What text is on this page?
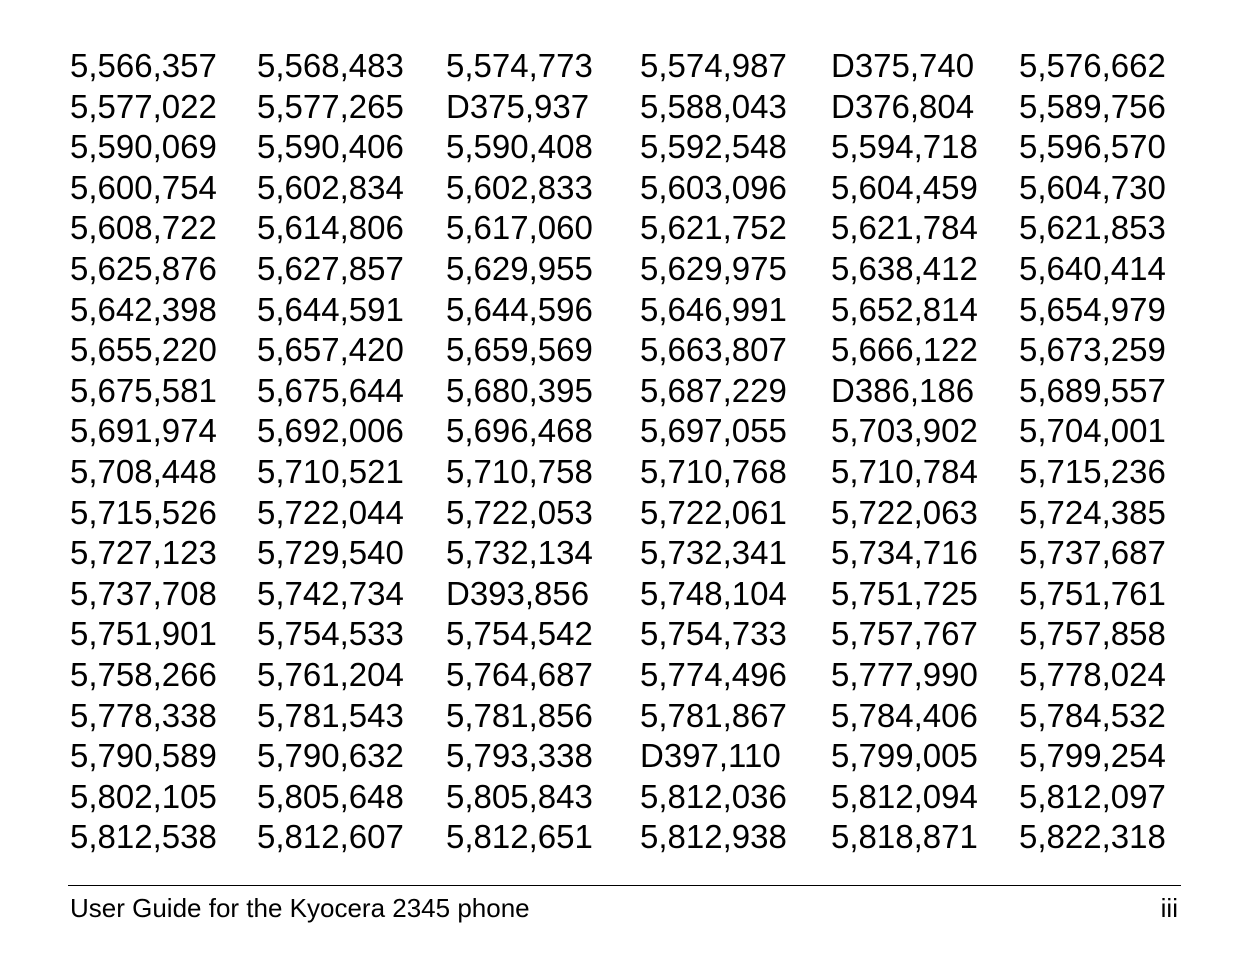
5,566,357	5,568,483	5,574,773	5,574,987	D375,740	5,576,662
5,577,022	5,577,265	D375,937	5,588,043	D376,804	5,589,756
5,590,069	5,590,406	5,590,408	5,592,548	5,594,718	5,596,570
5,600,754	5,602,834	5,602,833	5,603,096	5,604,459	5,604,730
5,608,722	5,614,806	5,617,060	5,621,752	5,621,784	5,621,853
5,625,876	5,627,857	5,629,955	5,629,975	5,638,412	5,640,414
5,642,398	5,644,591	5,644,596	5,646,991	5,652,814	5,654,979
5,655,220	5,657,420	5,659,569	5,663,807	5,666,122	5,673,259
5,675,581	5,675,644	5,680,395	5,687,229	D386,186	5,689,557
5,691,974	5,692,006	5,696,468	5,697,055	5,703,902	5,704,001
5,708,448	5,710,521	5,710,758	5,710,768	5,710,784	5,715,236
5,715,526	5,722,044	5,722,053	5,722,061	5,722,063	5,724,385
5,727,123	5,729,540	5,732,134	5,732,341	5,734,716	5,737,687
5,737,708	5,742,734	D393,856	5,748,104	5,751,725	5,751,761
5,751,901	5,754,533	5,754,542	5,754,733	5,757,767	5,757,858
5,758,266	5,761,204	5,764,687	5,774,496	5,777,990	5,778,024
5,778,338	5,781,543	5,781,856	5,781,867	5,784,406	5,784,532
5,790,589	5,790,632	5,793,338	D397,110	5,799,005	5,799,254
5,802,105	5,805,648	5,805,843	5,812,036	5,812,094	5,812,097
5,812,538	5,812,607	5,812,651	5,812,938	5,818,871	5,822,318
User Guide for the Kyocera 2345 phone	iii
